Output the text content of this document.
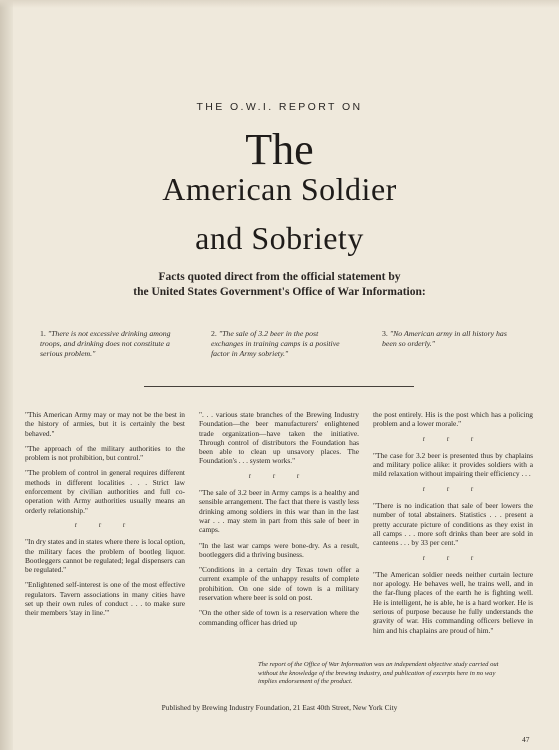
THE O.W.I. REPORT ON
The
American Soldier
and Sobriety
Facts quoted direct from the official statement by
the United States Government's Office of War Information:
1. "There is not excessive drinking among troops, and drinking does not constitute a serious problem."
2. "The sale of 3.2 beer in the post exchanges in training camps is a positive factor in Army sobriety."
3. "No American army in all history has been so orderly."

"This American Army may or may not be the best in the history of armies, but it is certainly the best behaved."

"The approach of the military authorities to the problem is not prohibition, but control."

"The problem of control in general requires different methods in different localities . . . Strict law enforcement by civilian authorities and full co-operation with Army authorities usually means an orderly relationship."

r r r

"In dry states and in states where there is local option, the military faces the problem of bootleg liquor. Bootleggers cannot be regulated; legal dispensers can be regulated."

"Enlightened self-interest is one of the most effective regulators. Tavern associations in many cities have set up their own rules of conduct . . . to make sure their members 'stay in line.'"

". . . various state branches of the Brewing Industry Foundation—the beer manufacturers' enlightened trade organization—have taken the initiative. Through control of distributors the Foundation has been able to clean up unsavory places. The Foundation's . . . system works."

r r r

"The sale of 3.2 beer in Army camps is a healthy and sensible arrangement. The fact that there is vastly less drinking among soldiers in this war than in the last war . . . may stem in part from this sale of beer in camps.

"In the last war camps were bone-dry. As a result, bootleggers did a thriving business.

"Conditions in a certain dry Texas town offer a current example of the unhappy results of complete prohibition. On one side of town is a military reservation where beer is sold on post.

"On the other side of town is a reservation where the commanding officer has dried up

the post entirely. His is the post which has a policing problem and a lower morale."

r r r

"The case for 3.2 beer is presented thus by chaplains and military police alike: it provides soldiers with a mild relaxation without impairing their efficiency . . .

r r r

"There is no indication that sale of beer lowers the number of total abstainers. Statistics . . . present a pretty accurate picture of conditions as they exist in all camps . . . more soft drinks than beer are sold in canteens . . . by 33 per cent."

r r r

"The American soldier needs neither curtain lecture nor apology. He behaves well, he trains well, and in the far-flung places of the earth he is fighting well. He is intelligent, he is able, he is a hard worker. He is serious of purpose because he fully understands the gravity of war. His commanding officers believe in him and his chaplains are proud of him."

The report of the Office of War Information was an independent objective study carried out without the knowledge of the brewing industry, and publication of excerpts here in no way implies endorsement of the product.
Published by Brewing Industry Foundation, 21 East 40th Street, New York City
47
